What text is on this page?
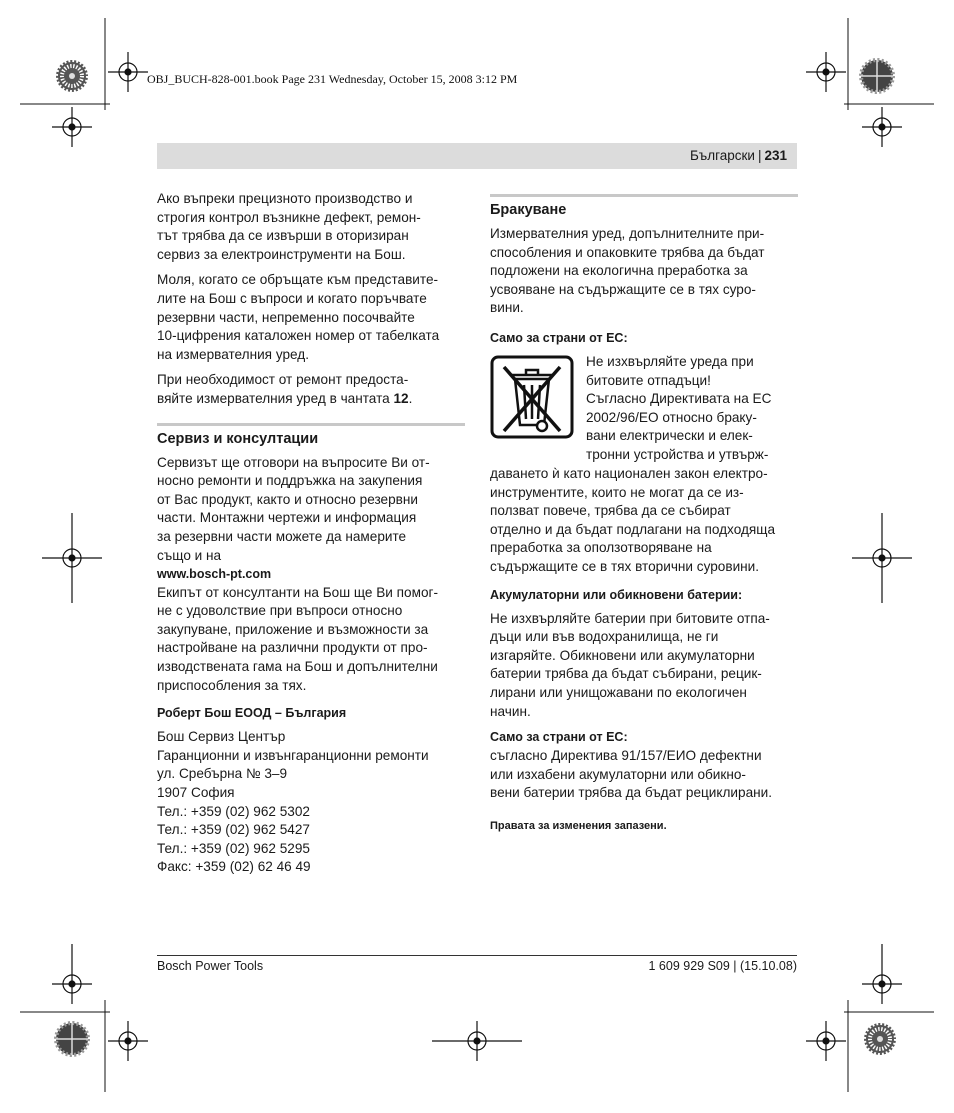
OBJ_BUCH-828-001.book Page 231 Wednesday, October 15, 2008 3:12 PM
Български | 231

Ако въпреки прецизното производство и
строгия контрол възникне дефект, ремон-
тът трябва да се извърши в оторизиран
сервиз за електроинструменти на Бош.

Моля, когато се обръщате към представите-
лите на Бош с въпроси и когато поръчвате
резервни части, непременно посочвайте
10-цифрения каталожен номер от табелката
на измервателния уред.

При необходимост от ремонт предоста-
вяйте измервателния уред в чантата 12.

Сервиз и консултации
Сервизът ще отговори на въпросите Ви от-
носно ремонти и поддръжка на закупения
от Вас продукт, както и относно резервни
части. Монтажни чертежи и информация
за резервни части можете да намерите
също и на
www.bosch-pt.com

Екипът от консултанти на Бош ще Ви помог-
не с удоволствие при въпроси относно
закупуване, приложение и възможности за
настройване на различни продукти от про-
изводствената гама на Бош и допълнителни
приспособления за тях.

Роберт Бош ЕООД – България
Бош Сервиз Център
Гаранционни и извънгаранционни ремонти
ул. Сребърна № 3–9
1907 София
Тел.: +359 (02) 962 5302
Тел.: +359 (02) 962 5427
Тел.: +359 (02) 962 5295
Факс: +359 (02) 62 46 49
Бракуване

Измервателния уред, допълнителните при-
способления и опаковките трябва да бъдат
подложени на екологична преработка за
усвояване на съдържащите се в тях суро-
вини.

Само за страни от ЕС:
Не изхвърляйте уреда при
битовите отпадъци!
Съгласно Директивата на ЕС
2002/96/ЕО относно браку-
вани електрически и елек-
тронни устройства и утвърж-

даването ѝ като национален закон електро-
инструментите, които не могат да се из-
ползват повече, трябва да се събират
отделно и да бъдат подлагани на подходяща
преработка за оползотворяване на
съдържащите се в тях вторични суровини.

Акумулаторни или обикновени батерии:

Не изхвърляйте батерии при битовите отпа-
дъци или във водохранилища, не ги
изгаряйте. Обикновени или акумулаторни
батерии трябва да бъдат събирани, рецик-
лирани или унищожавани по екологичен
начин.

Само за страни от ЕС:

съгласно Директива 91/157/ЕИО дефектни
или изхабени акумулаторни или обикно-
вени батерии трябва да бъдат рециклирани.

Правата за изменения запазени.
Bosch Power Tools	1 609 929 S09 | (15.10.08)
